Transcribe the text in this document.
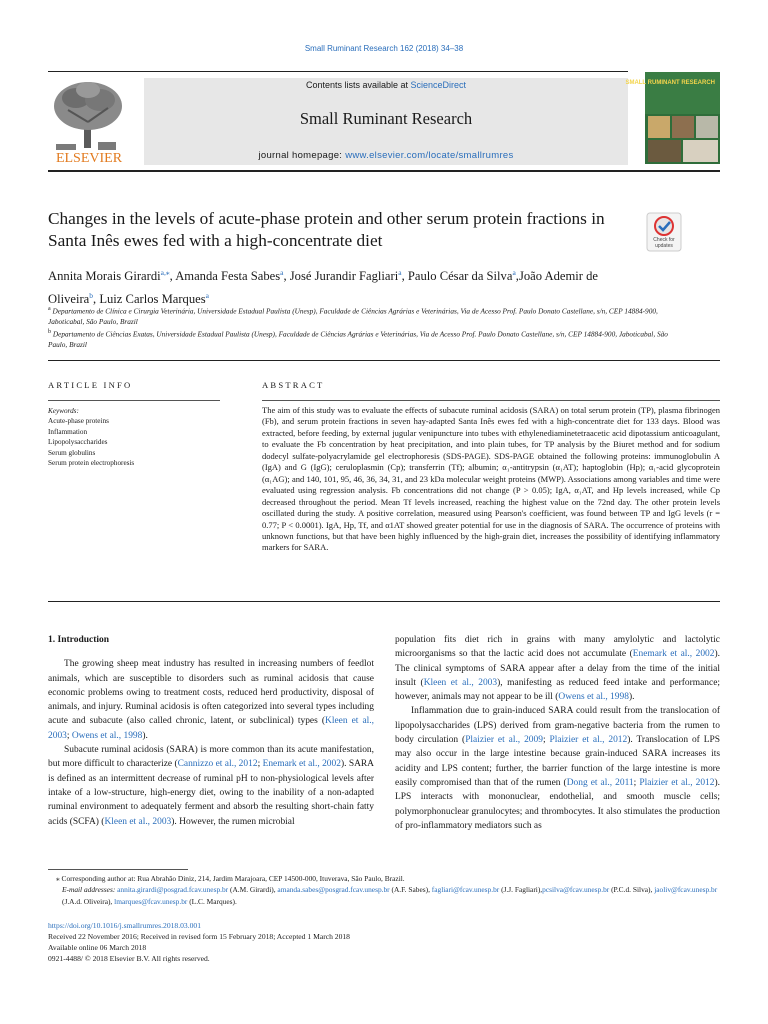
Small Ruminant Research 162 (2018) 34–38
ELSEVIER
Contents lists available at ScienceDirect
Small Ruminant Research
journal homepage: www.elsevier.com/locate/smallrumres
SMALL RUMINANT RESEARCH
Changes in the levels of acute-phase protein and other serum protein fractions in Santa Inês ewes fed with a high-concentrate diet	Check for updates
Annita Morais Girardi$^{a,⁎}$, Amanda Festa Sabes$^a$, José Jurandir Fagliari$^a$, Paulo César da Silva$^a$,João Ademir de Oliveira$^b$, Luiz Carlos Marques$^a$
$^a$ Departamento de Clínica e Cirurgia Veterinária, Universidade Estadual Paulista (Unesp), Faculdade de Ciências Agrárias e Veterinárias, Via de Acesso Prof. Paulo Donato Castellane, s/n, CEP 14884-900, Jaboticabal, São Paulo, Brazil
$^b$ Departamento de Ciências Exatas, Universidade Estadual Paulista (Unesp), Faculdade de Ciências Agrárias e Veterinárias, Via de Acesso Prof. Paulo Donato Castellane, s/n, CEP 14884-900, Jaboticabal, São Paulo, Brazil
ARTICLE INFO	ABSTRACT
Keywords:
Acute-phase proteins
Inflammation
Lipopolysaccharides
Serum globulins
Serum protein electrophoresis
The aim of this study was to evaluate the effects of subacute ruminal acidosis (SARA) on total serum protein (TP), plasma fibrinogen (Fb), and serum protein fractions in seven hay-adapted Santa Inês ewes fed with a high-concentrate diet for 133 days. Blood was extracted, before feeding, by external jugular venipuncture into tubes with ethylenediaminetetraacetic acid dipotassium anticoagulant, to evaluate the Fb concentration by heat precipitation, and into plain tubes, for TP analysis by the Biuret method and for sodium dodecyl sulfate-polyacrylamide gel electrophoresis (SDS-PAGE). SDS-PAGE obtained the following proteins: immunoglobulin A (IgA) and G (IgG); ceruloplasmin (Cp); transferrin (Tf); albumin; α₁-antitrypsin (α₁AT); haptoglobin (Hp); α₁-acid glycoprotein (α₁AG); and 140, 101, 95, 46, 36, 34, 31, and 23 kDa molecular weight proteins (MWP). Associations among variables and time were evaluated using regression analysis. Fb concentrations did not change (P > 0.05); IgA, α₁AT, and Hp levels increased, while Cp decreased throughout the period. Mean Tf levels increased, reaching the highest value on the 72nd day. The other protein levels oscillated during the study. A positive correlation, measured using Pearson's coefficient, was found between TP and IgG levels (r = 0.77; P < 0.0001). IgA, Hp, Tf, and α1AT showed greater potential for use in the diagnosis of SARA. The occurrence of proteins with unknown functions, but that have been highly influenced by the high-grain diet, increases the possibility of identifying inflammatory markers for SARA.
1. Introduction

The growing sheep meat industry has resulted in increasing numbers of feedlot animals, which are susceptible to disorders such as ruminal acidosis that cause economic problems owing to treatment costs, reduced herd productivity, disposal of animals, and injury. Ruminal acidosis is often categorized into several types including acute and subacute (also called chronic, latent, or subclinical) types (Kleen et al., 2003; Owens et al., 1998).

Subacute ruminal acidosis (SARA) is more common than its acute manifestation, but more difficult to characterize (Cannizzo et al., 2012; Enemark et al., 2002). SARA is defined as an intermittent decrease of ruminal pH to non-physiological levels after intake of a low-structure, high-energy diet, owing to the inability of a non-adapted ruminal environment to adequately ferment and absorb the resulting short-chain fatty acids (SCFA) (Kleen et al., 2003). However, the rumen microbial

population fits diet rich in grains with many amylolytic and lactolytic microorganisms so that the lactic acid does not accumulate (Enemark et al., 2002). The clinical symptoms of SARA appear after a delay from the time of the initial insult (Kleen et al., 2003), manifesting as reduced feed intake and performance; however, animals may not appear to be ill (Owens et al., 1998).

Inflammation due to grain-induced SARA could result from the translocation of lipopolysaccharides (LPS) derived from gram-negative bacteria from the rumen to body circulation (Plaizier et al., 2009; Plaizier et al., 2012). Translocation of LPS may also occur in the large intestine because grain-induced SARA increases its acidity and LPS content; further, the barrier function of the large intestine is more easily compromised than that of the rumen (Dong et al., 2011; Plaizier et al., 2012). LPS interacts with mononuclear, endothelial, and smooth muscle cells; polymorphonuclear granulocytes; and thrombocytes. It also stimulates the production of pro-inflammatory mediators such as

⁎ Corresponding author at: Rua Abrahão Diniz, 214, Jardim Marajoara, CEP 14500-000, Ituverava, São Paulo, Brazil.
E-mail addresses: annita.girardi@posgrad.fcav.unesp.br (A.M. Girardi), amanda.sabes@posgrad.fcav.unesp.br (A.F. Sabes), fagliari@fcav.unesp.br (J.J. Fagliari),pcsilva@fcav.unesp.br (P.C.d. Silva), jaoliv@fcav.unesp.br (J.A.d. Oliveira), lmarques@fcav.unesp.br (L.C. Marques).
https://doi.org/10.1016/j.smallrumres.2018.03.001
Received 22 November 2016; Received in revised form 15 February 2018; Accepted 1 March 2018
Available online 06 March 2018
0921-4488/ © 2018 Elsevier B.V. All rights reserved.
